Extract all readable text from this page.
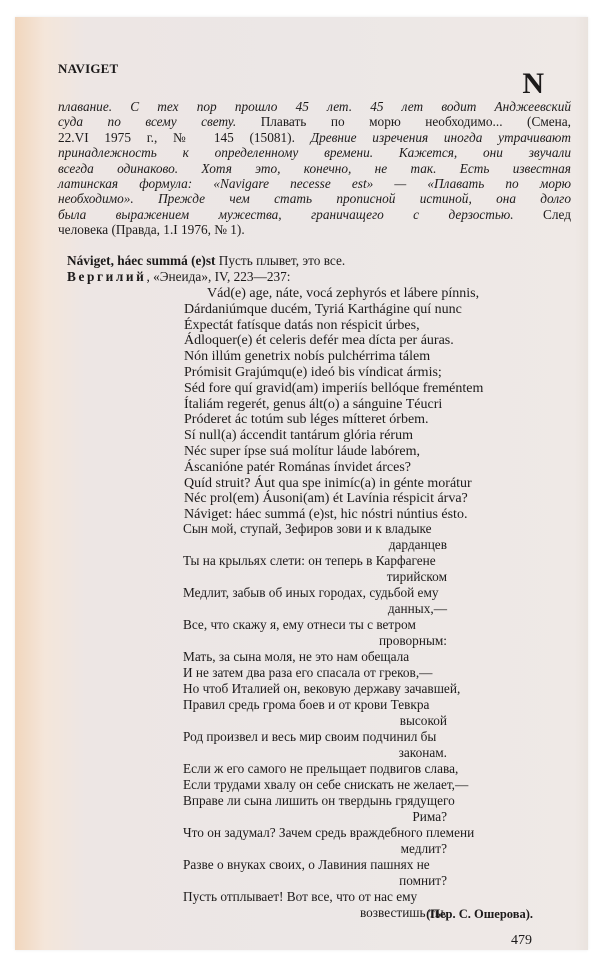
NAVIGET	N
плавание. С тех пор прошло 45 лет. 45 лет водит Анджеевский
суда по всему свету. Плавать по морю необходимо... (Смена,
22.VI 1975 г., № 145 (15081). Древние изречения иногда утрачивают
принадлежность к определенному времени. Кажется, они звучали
всегда одинаково. Хотя это, конечно, не так. Есть известная
латинская формула: «Navigare necesse est» — «Плавать по морю
необходимо». Прежде чем стать прописной истиной, она долго
была выражением мужества, граничащего с дерзостью. След
человека (Правда, 1.I 1976, № 1).
Náviget, háec summá (e)st Пусть плывет, это все.
Вергилий, «Энеида», IV, 223—237:
Vád(e) age, náte, vocá zephyrós et lábere pínnis,
Dárdaniúmque ducém, Tyriá Karthágine quí nunc
Éxpectát fatísque datás non réspicit úrbes,
Ádloquer(e) ét celeris defér mea dícta per áuras.
Nón illúm genetrix nobís pulchérrima tálem
Prómisit Grajúmqu(e) ideó bis víndicat ármis;
Séd fore quí gravid(am) imperiís bellóque freméntem
Ítaliám regerét, genus ált(o) a sánguine Téucri
Próderet ác totúm sub léges mítteret órbem.
Sí null(a) áccendit tantárum glória rérum
Néc super ípse suá molítur láude labórem,
Áscanióne patér Románas ínvidet árces?
Quíd struit? Áut qua spe inimíc(a) in génte morátur
Néc prol(em) Áusoni(am) ét Lavínia réspicit árva?
Náviget: háec summá (e)st, hic nóstri núntius ésto.
Сын мой, ступай, Зефиров зови и к владыке
дарданцев
Ты на крыльях слети: он теперь в Карфагене
тирийском
Медлит, забыв об иных городах, судьбой ему
данных,—
Все, что скажу я, ему отнеси ты с ветром
проворным:
Мать, за сына моля, не это нам обещала
И не затем два раза его спасала от греков,—
Но чтоб Италией он, вековую державу зачавшей,
Правил средь грома боев и от крови Тевкра
высокой
Род произвел и весь мир своим подчинил бы
законам.
Если ж его самого не прельщает подвигов слава,
Если трудами хвалу он себе снискать не желает,—
Вправе ли сына лишить он твердынь грядущего
Рима?
Что он задумал? Зачем средь враждебного племени
медлит?
Разве о внуках своих, о Лавиния пашнях не
помнит?
Пусть отплывает! Вот все, что от нас ему
возвестишь ты.
(Пер. С. Ошерова).
479
